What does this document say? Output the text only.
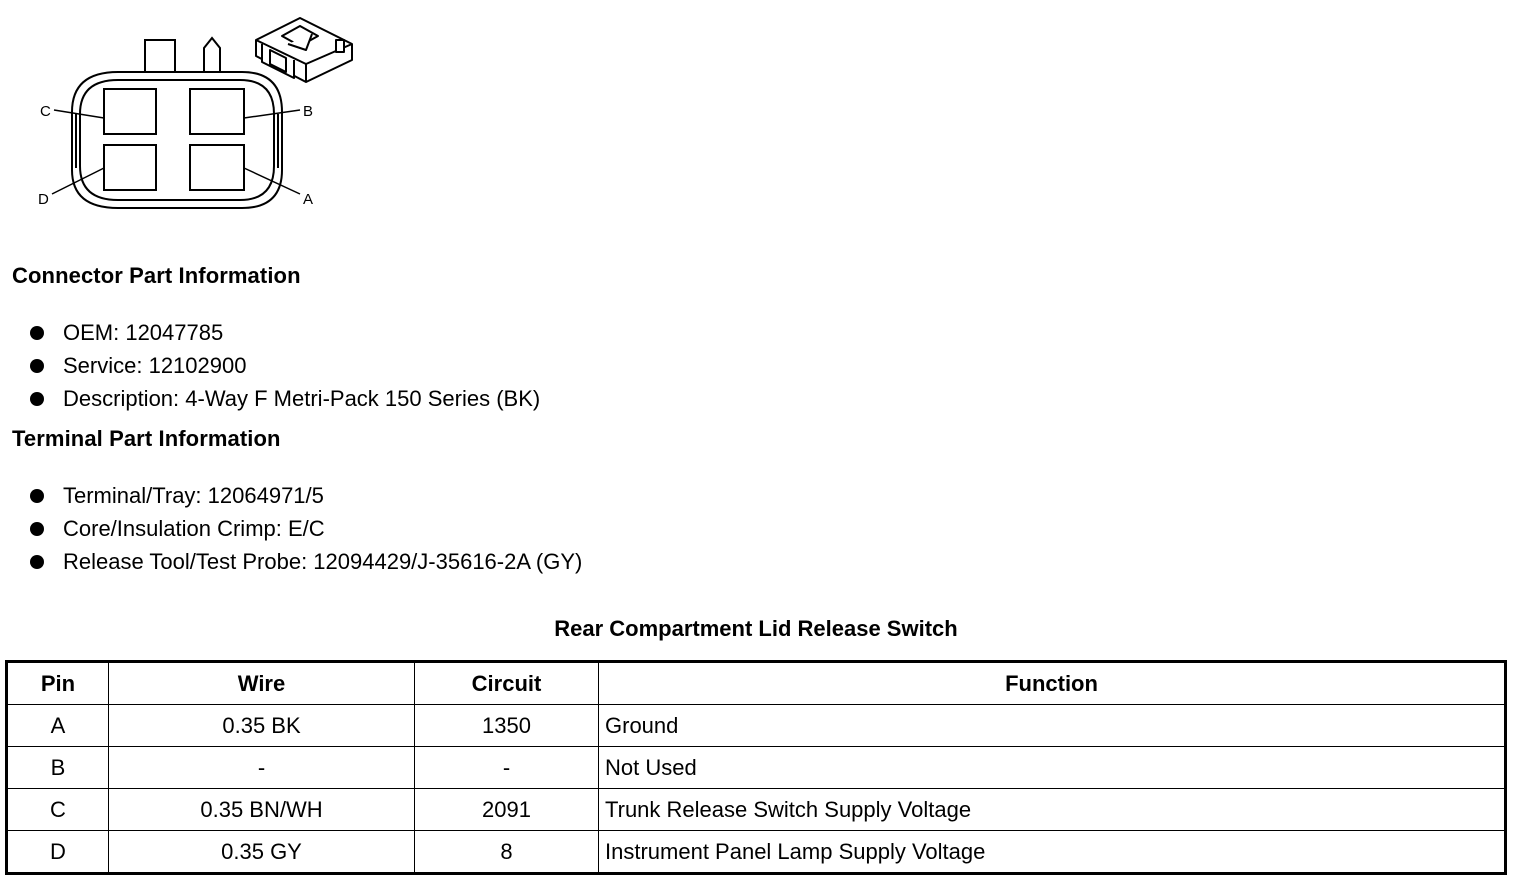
C	B
D	A
Connector Part Information
OEM: 12047785
Service: 12102900
Description: 4-Way F Metri-Pack 150 Series (BK)
Terminal Part Information
Terminal/Tray: 12064971/5
Core/Insulation Crimp: E/C
Release Tool/Test Probe: 12094429/J-35616-2A (GY)
Rear Compartment Lid Release Switch
Pin	Wire	Circuit	Function
A	0.35 BK	1350	Ground
B	-	-	Not Used
C	0.35 BN/WH	2091	Trunk Release Switch Supply Voltage
D	0.35 GY	8	Instrument Panel Lamp Supply Voltage
